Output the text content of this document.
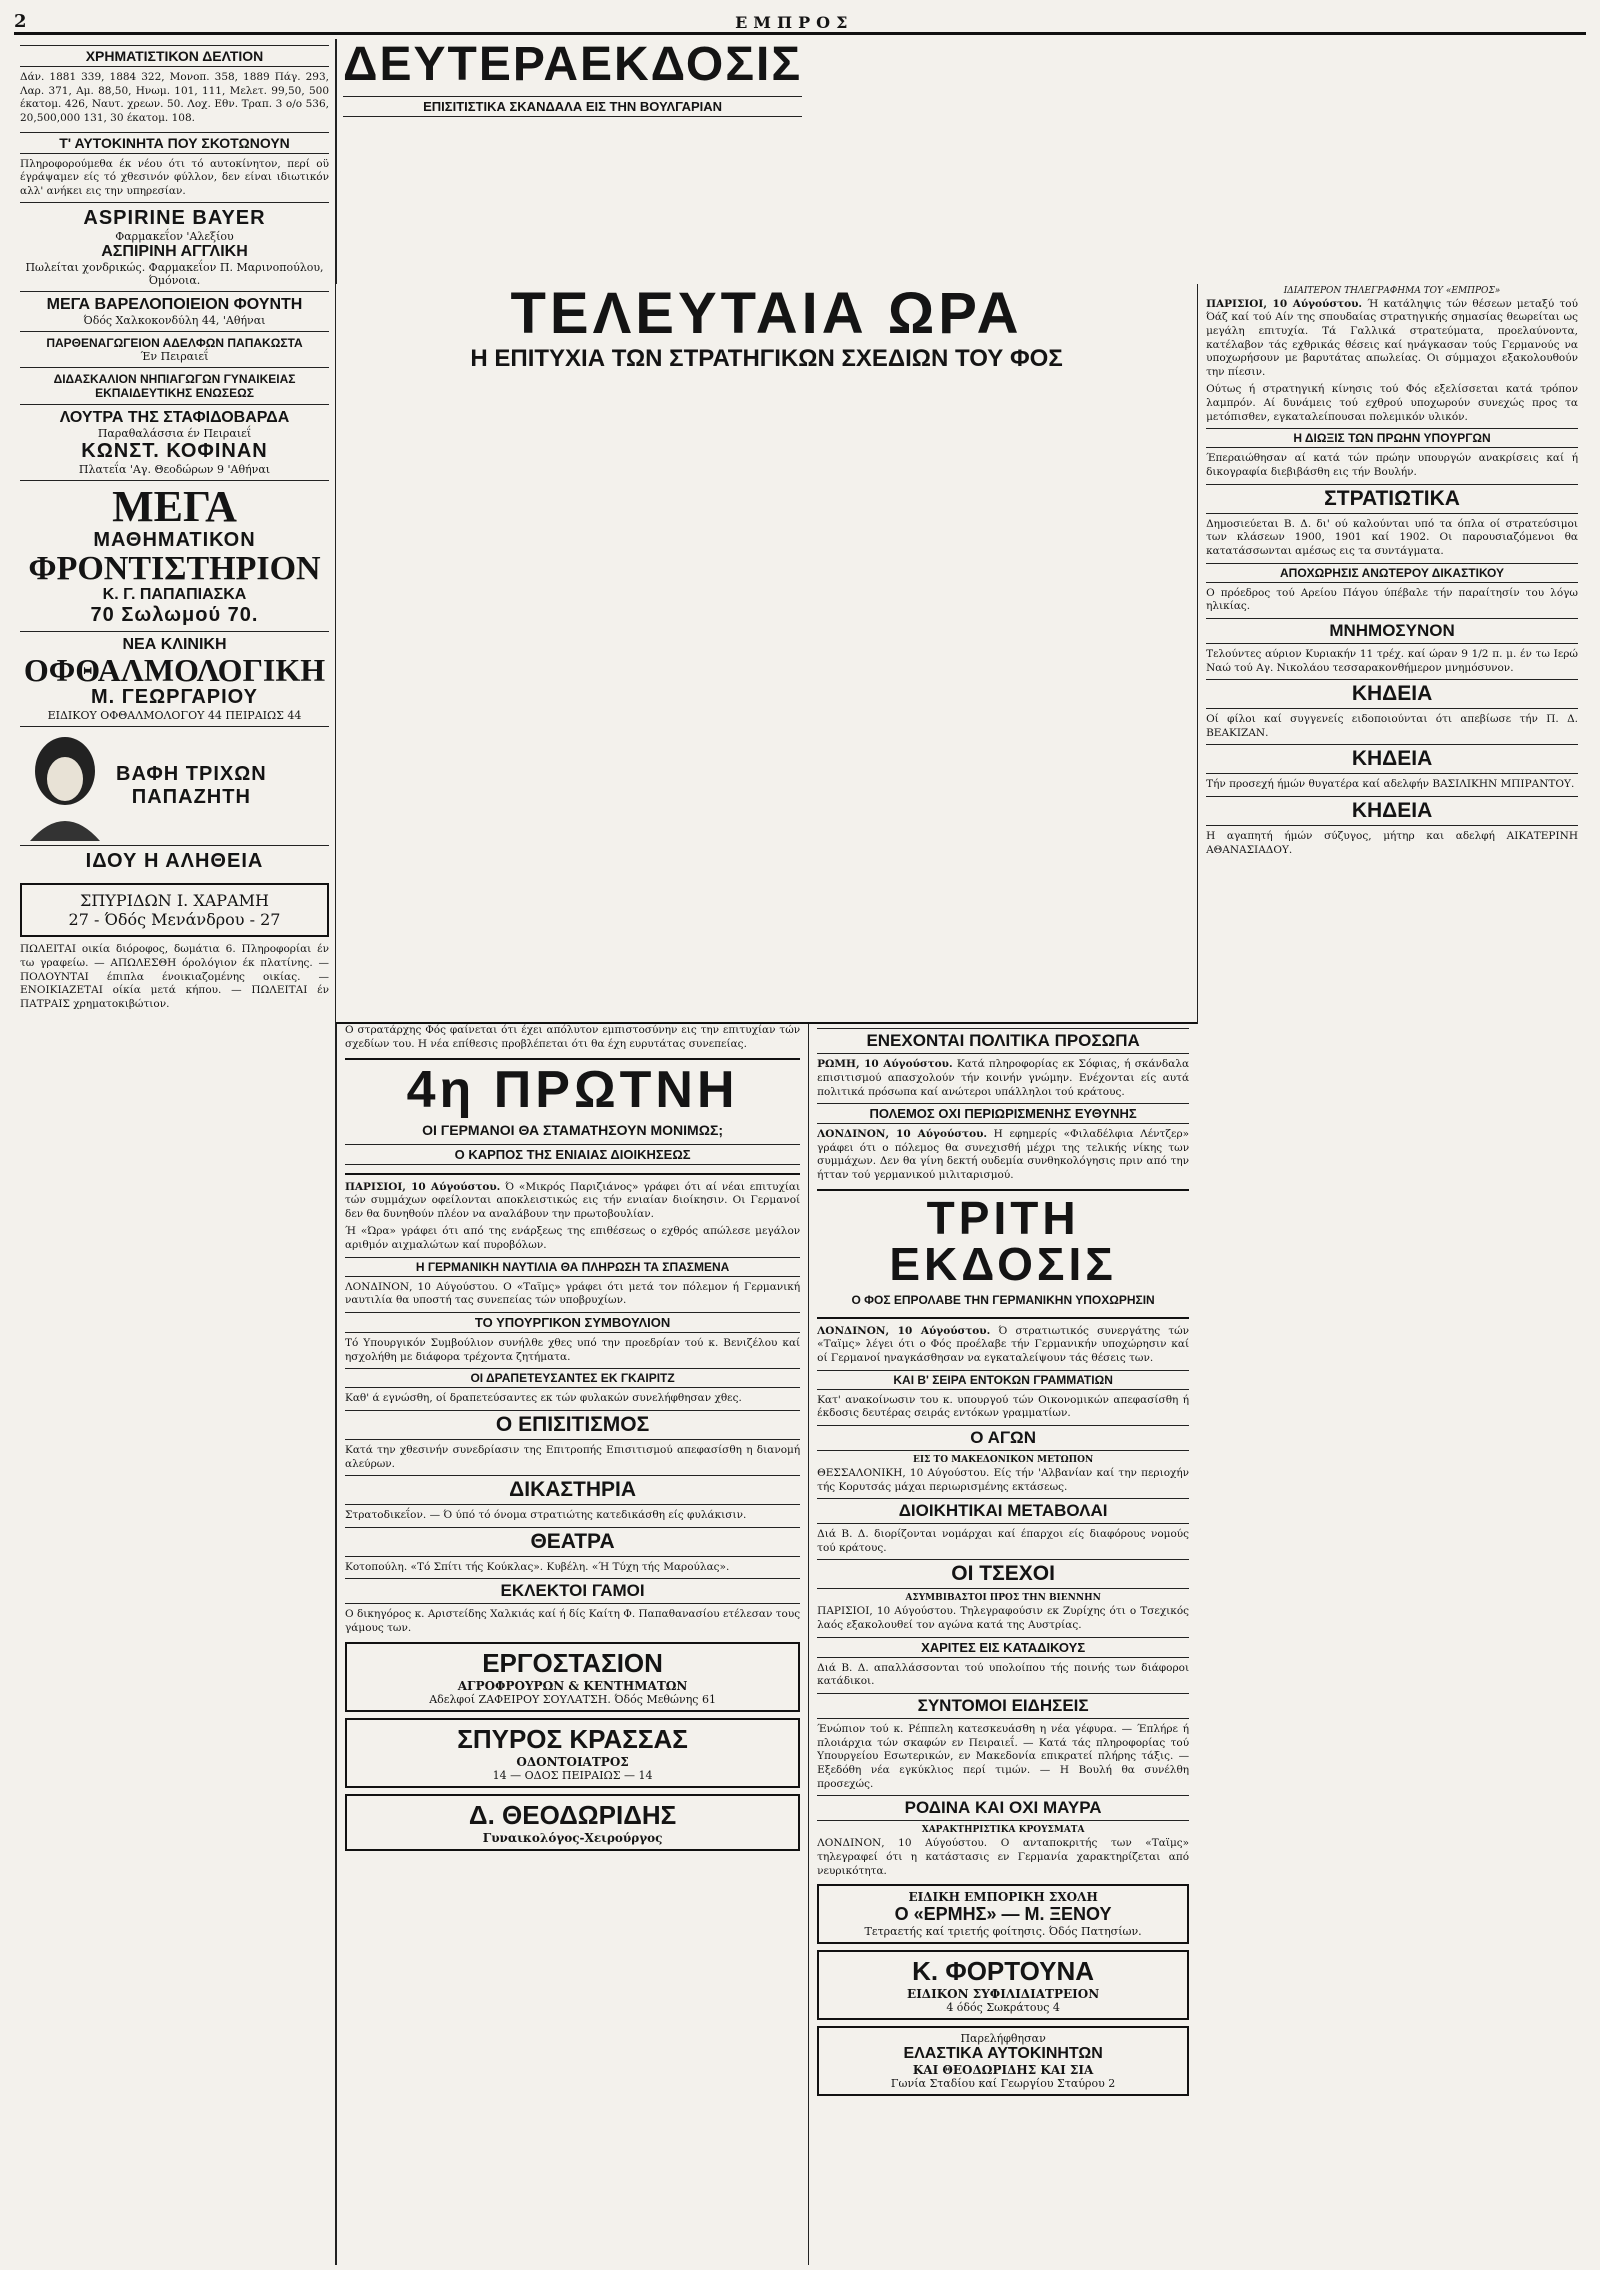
2	ΕΜΠΡΟΣ
ΧΡΗΜΑΤΙΣΤΙΚΟΝ ΔΕΛΤΙΟΝ

Δάν. 1881 339, 1884 322, Μονοπ. 358, 1889 Πάγ. 293, Λαρ. 371, Αμ. 88,50, Ηνωμ. 101, 111, Μελετ. 99,50, 500 έκατομ. 426, Ναυτ. χρεων. 50. Λοχ. Εθν. Τραπ. 3 ο/ο 536, 20,500,000 131, 30 έκατομ. 108.

Τ' ΑΥΤΟΚΙΝΗΤΑ ΠΟΥ ΣΚΟΤΩΝΟΥΝ

Πληροφορούμεθα έκ νέου ότι τό αυτοκίνητον, περί οϋ έγράψαμεν είς τό χθεσινόν φύλλον, δεν είναι ιδιωτικόν αλλ' ανήκει εις την υπηρεσίαν.

ASPIRINE BAYER
Φαρμακεΐον 'Αλεξίου
ΑΣΠΙΡΙΝΗ ΑΓΓΛΙΚΗ
Πωλείται χονδρικώς. Φαρμακεΐον Π. Μαρινοπούλου, Όμόνοια.
ΜΕΓΑ ΒΑΡΕΛΟΠΟΙΕΙΟΝ ΦΟΥΝΤΗ
Όδός Χαλκοκονδύλη 44, 'Αθήναι
ΠΑΡΘΕΝΑΓΩΓΕΙΟΝ ΑΔΕΛΦΩΝ ΠΑΠΑΚΩΣΤΑ
Έν Πειραιεΐ
ΔΙΔΑΣΚΑΛΙΟΝ ΝΗΠΙΑΓΩΓΩΝ ΓΥΝΑΙΚΕΙΑΣ ΕΚΠΑΙΔΕΥΤΙΚΗΣ ΕΝΩΣΕΩΣ
ΛΟΥΤΡΑ ΤΗΣ ΣΤΑΦΙΔΟΒΑΡΔΑ
Παραθαλάσσια έν Πειραιεΐ
ΚΩΝΣΤ. ΚΟΦΙΝΑΝ
Πλατεΐα 'Αγ. Θεοδώρων 9 'Αθήναι
ΜΕΓΑ
ΜΑΘΗΜΑΤΙΚΟΝ
ΦΡΟΝΤΙΣΤΗΡΙΟΝ
Κ. Γ. ΠΑΠΑΠΙΑΣΚΑ
70 Σωλωμού 70.
ΝΕΑ ΚΛΙΝΙΚΗ
ΟΦΘΑΛΜΟΛΟΓΙΚΗ
Μ. ΓΕΩΡΓΑΡΙΟΥ
ΕΙΔΙΚΟΥ ΟΦΘΑΛΜΟΛΟΓΟΥ 44 ΠΕΙΡΑΙΩΣ 44
ΒΑΦΗ ΤΡΙΧΩΝ
ΠΑΠΑΖΗΤΗ
ΙΔΟΥ Η ΑΛΗΘΕΙΑ
ΣΠΥΡΙΔΩΝ Ι. ΧΑΡΑΜΗ
27 - Όδός Μενάνδρου - 27

ΠΩΛΕΙΤΑΙ οικία διόροφος, δωμάτια 6. Πληροφορίαι έν τω γραφείω. — ΑΠΩΛΕΣΘΗ όρολόγιον έκ πλατίνης. — ΠΟΛΟΥΝΤΑΙ έπιπλα ένοικιαζομένης οικίας. — ΕΝΟΙΚΙΑΖΕΤΑΙ οίκία μετά κήπου. — ΠΩΛΕΙΤΑΙ έν ΠΑΤΡΑΙΣ χρηματοκιβώτιον.

ΤΕΛΕΥΤΑΙΑ ΩΡΑ
Η ΕΠΙΤΥΧΙΑ ΤΩΝ ΣΤΡΑΤΗΓΙΚΩΝ ΣΧΕΔΙΩΝ ΤΟΥ ΦΟΣ
ΔΕΥΤΕΡΑΕΚΔΟΣΙΣ
ΕΠΙΣΙΤΙΣΤΙΚΑ ΣΚΑΝΔΑΛΑ ΕΙΣ ΤΗΝ ΒΟΥΛΓΑΡΙΑΝ
ΙΔΙΑΙΤΕΡΟΝ ΤΗΛΕΓΡΑΦΗΜΑ ΤΟΥ «ΕΜΠΡΟΣ»

ΠΑΡΙΣΙΟΙ, 10 Αύγούστου. Ή κατάληψις τών θέσεων μεταξύ τού Όάζ καί τού Αίν της σπουδαίας στρατηγικής σημασίας θεωρείται ως μεγάλη επιτυχία. Τά Γαλλικά στρατεύματα, προελαύνοντα, κατέλαβον τάς εχθρικάς θέσεις καί ηνάγκασαν τούς Γερμανούς να υποχωρήσουν με βαρυτάτας απωλείας. Οι σύμμαχοι εξακολουθούν την πίεσιν.

Ούτως ή στρατηγική κίνησις τού Φός εξελίσσεται κατά τρόπον λαμπρόν. Αί δυνάμεις τού εχθρού υποχωρούν συνεχώς προς τα μετόπισθεν, εγκαταλείπουσαι πολεμικόν υλικόν.

Η ΔΙΩΞΙΣ ΤΩΝ ΠΡΩΗΝ ΥΠΟΥΡΓΩΝ

Έπεραιώθησαν αί κατά τών πρώην υπουργών ανακρίσεις καί ή δικογραφία διεβιβάσθη εις τήν Βουλήν.

ΣΤΡΑΤΙΩΤΙΚΑ

Δημοσιεύεται Β. Δ. δι' ού καλούνται υπό τα όπλα οί στρατεύσιμοι των κλάσεων 1900, 1901 καί 1902. Οι παρουσιαζόμενοι θα κατατάσσωνται αμέσως εις τα συντάγματα.

ΑΠΟΧΩΡΗΣΙΣ ΑΝΩΤΕΡΟΥ ΔΙΚΑΣΤΙΚΟΥ

Ο πρόεδρος τού Αρείου Πάγου ύπέβαλε τήν παραίτησίν του λόγω ηλικίας.

ΜΝΗΜΟΣΥΝΟΝ

Τελούντες αύριον Κυριακήν 11 τρέχ. καί ώραν 9 1/2 π. μ. έν τω Ιερώ Ναώ τού Αγ. Νικολάου τεσσαρακονθήμερον μνημόσυνον.

ΚΗΔΕΙΑ

Οί φίλοι καί συγγενείς ειδοποιούνται ότι απεβίωσε τήν Π. Δ. ΒΕΑΚΙΖΑΝ.

ΚΗΔΕΙΑ

Τήν προσεχή ήμών θυγατέρα καί αδελφήν ΒΑΣΙΛΙΚΗΝ ΜΠΙΡΑΝΤΟΥ.

ΚΗΔΕΙΑ

Η αγαπητή ήμών σύζυγος, μήτηρ και αδελφή ΑΙΚΑΤΕΡΙΝΗ ΑΘΑΝΑΣΙΑΔΟΥ.

Ο στρατάρχης Φός φαίνεται ότι έχει απόλυτον εμπιστοσύνην εις την επιτυχίαν τών σχεδίων του. Η νέα επίθεσις προβλέπεται ότι θα έχη ευρυτάτας συνεπείας.

4η ΠΡΩΤΝΗ
ΟΙ ΓΕΡΜΑΝΟΙ ΘΑ ΣΤΑΜΑΤΗΣΟΥΝ ΜΟΝΙΜΩΣ;
Ο ΚΑΡΠΟΣ ΤΗΣ ΕΝΙΑΙΑΣ ΔΙΟΙΚΗΣΕΩΣ

ΠΑΡΙΣΙΟΙ, 10 Αύγούστου. Ό «Μικρός Παριζιάνος» γράφει ότι αί νέαι επιτυχίαι τών συμμάχων οφείλονται αποκλειστικώς εις τήν ενιαίαν διοίκησιν. Οι Γερμανοί δεν θα δυνηθούν πλέον να αναλάβουν την πρωτοβουλίαν.

Ή «Ώρα» γράφει ότι από της ενάρξεως της επιθέσεως ο εχθρός απώλεσε μεγάλον αριθμόν αιχμαλώτων καί πυροβόλων.

Η ΓΕΡΜΑΝΙΚΗ ΝΑΥΤΙΛΙΑ ΘΑ ΠΛΗΡΩΣΗ ΤΑ ΣΠΑΣΜΕΝΑ

ΛΟΝΔΙΝΟΝ, 10 Αύγούστου. Ο «Ταϊμς» γράφει ότι μετά τον πόλεμον ή Γερμανική ναυτιλία θα υποστή τας συνεπείας τών υποβρυχίων.

ΤΟ ΥΠΟΥΡΓΙΚΟΝ ΣΥΜΒΟΥΛΙΟΝ

Τό Υπουργικόν Συμβούλιον συνήλθε χθες υπό την προεδρίαν τού κ. Βενιζέλου καί ησχολήθη με διάφορα τρέχοντα ζητήματα.

ΟΙ ΔΡΑΠΕΤΕΥΣΑΝΤΕΣ ΕΚ ΓΚΑΙΡΙΤΖ

Καθ' ά εγνώσθη, οί δραπετεύσαντες εκ τών φυλακών συνελήφθησαν χθες.

Ο ΕΠΙΣΙΤΙΣΜΟΣ

Κατά την χθεσινήν συνεδρίασιν της Επιτροπής Επισιτισμού απεφασίσθη η διανομή αλεύρων.

ΔΙΚΑΣΤΗΡΙΑ

Στρατοδικεΐον. — Ό ύπό τό όνομα στρατιώτης κατεδικάσθη είς φυλάκισιν.

ΘΕΑΤΡΑ

Κοτοπούλη. «Τό Σπίτι τής Κούκλας». Κυβέλη. «Ή Τύχη τής Μαρούλας».

ΕΚΛΕΚΤΟΙ ΓΑΜΟΙ

Ο δικηγόρος κ. Αριστείδης Χαλκιάς καί ή δίς Καίτη Φ. Παπαθανασίου ετέλεσαν τους γάμους των.

ΕΡΓΟΣΤΑΣΙΟΝ
ΑΓΡΟΦΡΟΥΡΩΝ & ΚΕΝΤΗΜΑΤΩΝ
Αδελφοί ΖΑΦΕΙΡΟΥ ΣΟΥΛΑΤΣΗ. Όδός Μεθώνης 61
ΣΠΥΡΟΣ ΚΡΑΣΣΑΣ
ΟΔΟΝΤΟΙΑΤΡΟΣ
14 — ΟΔΟΣ ΠΕΙΡΑΙΩΣ — 14
Δ. ΘΕΟΔΩΡΙΔΗΣ
Γυναικολόγος-Χειρούργος
ΕΝΕΧΟΝΤΑΙ ΠΟΛΙΤΙΚΑ ΠΡΟΣΩΠΑ

ΡΩΜΗ, 10 Αύγούστου. Κατά πληροφορίας εκ Σόφιας, ή σκάνδαλα επισιτισμού απασχολούν τήν κοινήν γνώμην. Ενέχονται είς αυτά πολιτικά πρόσωπα καί ανώτεροι υπάλληλοι τού κράτους.

ΠΟΛΕΜΟΣ ΟΧΙ ΠΕΡΙΩΡΙΣΜΕΝΗΣ ΕΥΘΥΝΗΣ

ΛΟΝΔΙΝΟΝ, 10 Αύγούστου. Η εφημερίς «Φιλαδέλφια Λέντζερ» γράφει ότι ο πόλεμος θα συνεχισθή μέχρι της τελικής νίκης των συμμάχων. Δεν θα γίνη δεκτή ουδεμία συνθηκολόγησις πριν από την ήτταν τού γερμανικού μιλιταρισμού.

ΤΡΙΤΗ ΕΚΔΟΣΙΣ
Ο ΦΟΣ ΕΠΡΟΛΑΒΕ ΤΗΝ ΓΕΡΜΑΝΙΚΗΝ ΥΠΟΧΩΡΗΣΙΝ

ΛΟΝΔΙΝΟΝ, 10 Αύγούστου. Ό στρατιωτικός συνεργάτης τών «Ταϊμς» λέγει ότι ο Φός προέλαβε τήν Γερμανικήν υποχώρησιν καί οί Γερμανοί ηναγκάσθησαν να εγκαταλείψουν τάς θέσεις των.

ΚΑΙ Β' ΣΕΙΡΑ ΕΝΤΟΚΩΝ ΓΡΑΜΜΑΤΙΩΝ

Κατ' ανακοίνωσιν του κ. υπουργού τών Οικονομικών απεφασίσθη ή έκδοσις δευτέρας σειράς εντόκων γραμματίων.

Ο ΑΓΩΝ
ΕΙΣ ΤΟ ΜΑΚΕΔΟΝΙΚΟΝ ΜΕΤΩΠΟΝ

ΘΕΣΣΑΛΟΝΙΚΗ, 10 Αύγούστου. Είς τήν 'Αλβανίαν καί την περιοχήν τής Κορυτσάς μάχαι περιωρισμένης εκτάσεως.

ΔΙΟΙΚΗΤΙΚΑΙ ΜΕΤΑΒΟΛΑΙ

Διά Β. Δ. διορίζονται νομάρχαι καί έπαρχοι είς διαφόρους νομούς τού κράτους.

ΟΙ ΤΣΕΧΟΙ
ΑΣΥΜΒΙΒΑΣΤΟΙ ΠΡΟΣ ΤΗΝ ΒΙΕΝΝΗΝ

ΠΑΡΙΣΙΟΙ, 10 Αύγούστου. Τηλεγραφούσιν εκ Ζυρίχης ότι ο Τσεχικός λαός εξακολουθεί τον αγώνα κατά της Αυστρίας.

ΧΑΡΙΤΕΣ ΕΙΣ ΚΑΤΑΔΙΚΟΥΣ

Διά Β. Δ. απαλλάσσονται τού υπολοίπου τής ποινής των διάφοροι κατάδικοι.

ΣΥΝΤΟΜΟΙ ΕΙΔΗΣΕΙΣ

Ένώπιον τού κ. Ρέππελη κατεσκευάσθη η νέα γέφυρα. — Έπλήρε ή πλοιάρχια τών σκαφών εν Πειραιεΐ. — Κατά τάς πληροφορίας τού Υπουργείου Εσωτερικών, εν Μακεδονία επικρατεί πλήρης τάξις. — Εξεδόθη νέα εγκύκλιος περί τιμών. — Η Βουλή θα συνέλθη προσεχώς.

ΡΟΔΙΝΑ ΚΑΙ ΟΧΙ ΜΑΥΡΑ
ΧΑΡΑΚΤΗΡΙΣΤΙΚΑ ΚΡΟΥΣΜΑΤΑ

ΛΟΝΔΙΝΟΝ, 10 Αύγούστου. Ο ανταποκριτής των «Ταϊμς» τηλεγραφεί ότι η κατάστασις εν Γερμανία χαρακτηρίζεται από νευρικότητα.

ΕΙΔΙΚΗ ΕΜΠΟΡΙΚΗ ΣΧΟΛΗ
Ο «ΕΡΜΗΣ» — Μ. ΞΕΝΟΥ
Τετραετής καί τριετής φοίτησις. Όδός Πατησίων.
Κ. ΦΟΡΤΟΥΝΑ
ΕΙΔΙΚΟΝ ΣΥΦΙΛΙΔΙΑΤΡΕΙΟΝ
4 όδός Σωκράτους 4
Παρελήφθησαν
ΕΛΑΣΤΙΚΑ ΑΥΤΟΚΙΝΗΤΩΝ
ΚΑΙ ΘΕΟΔΩΡΙΔΗΣ ΚΑΙ ΣΙΑ
Γωνία Σταδίου καί Γεωργίου Σταύρου 2
